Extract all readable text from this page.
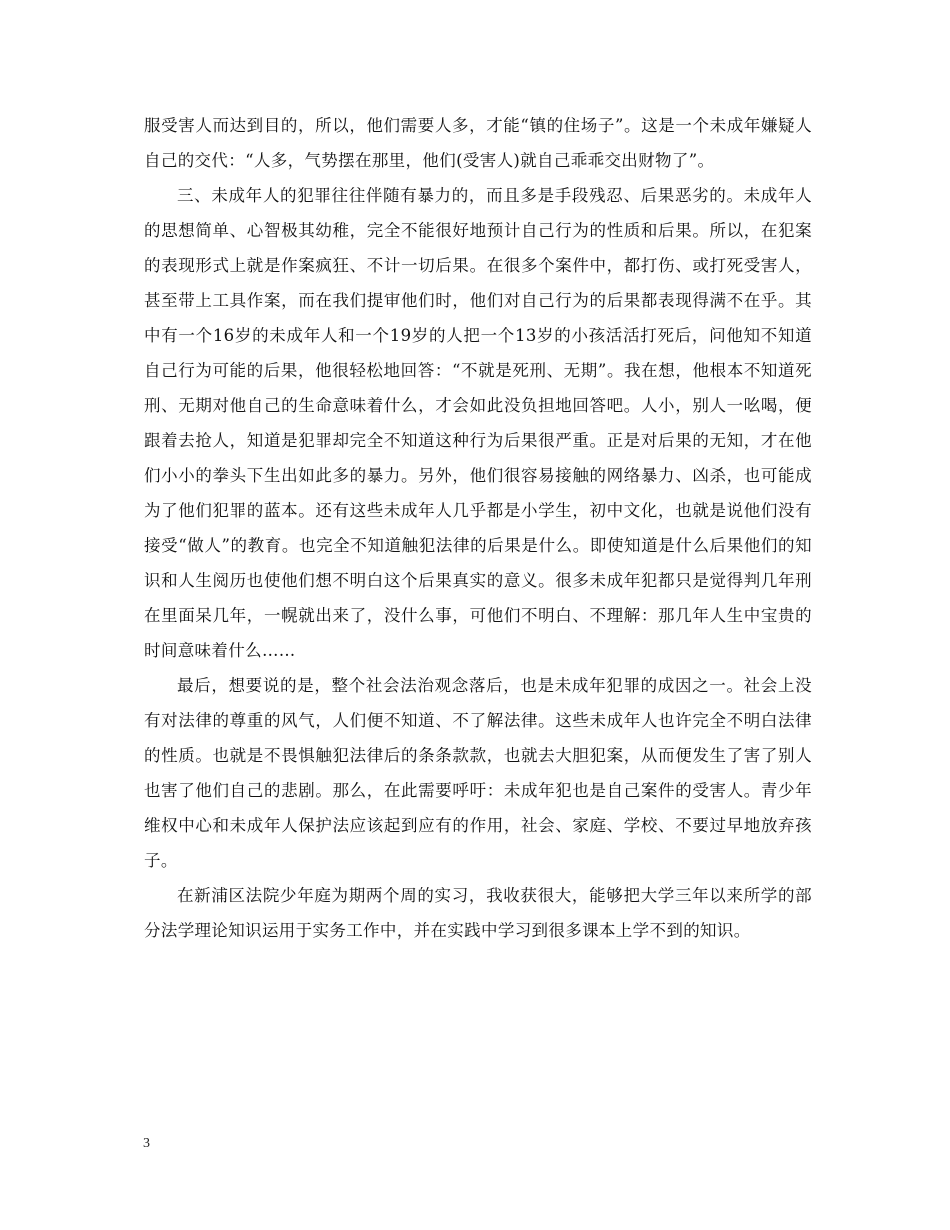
服受害人而达到目的，所以，他们需要人多，才能“镇的住场子”。这是一个未成年嫌疑人自己的交代：“人多，气势摆在那里，他们(受害人)就自己乖乖交出财物了”。

三、未成年人的犯罪往往伴随有暴力的，而且多是手段残忍、后果恶劣的。未成年人的思想简单、心智极其幼稚，完全不能很好地预计自己行为的性质和后果。所以，在犯案的表现形式上就是作案疯狂、不计一切后果。在很多个案件中，都打伤、或打死受害人，甚至带上工具作案，而在我们提审他们时，他们对自己行为的后果都表现得满不在乎。其中有一个16岁的未成年人和一个19岁的人把一个13岁的小孩活活打死后，问他知不知道自己行为可能的后果，他很轻松地回答：“不就是死刑、无期”。我在想，他根本不知道死刑、无期对他自己的生命意味着什么，才会如此没负担地回答吧。人小，别人一吆喝，便跟着去抢人，知道是犯罪却完全不知道这种行为后果很严重。正是对后果的无知，才在他们小小的拳头下生出如此多的暴力。另外，他们很容易接触的网络暴力、凶杀，也可能成为了他们犯罪的蓝本。还有这些未成年人几乎都是小学生，初中文化，也就是说他们没有接受“做人”的教育。也完全不知道触犯法律的后果是什么。即使知道是什么后果他们的知识和人生阅历也使他们想不明白这个后果真实的意义。很多未成年犯都只是觉得判几年刑在里面呆几年，一幌就出来了，没什么事，可他们不明白、不理解：那几年人生中宝贵的时间意味着什么……

最后，想要说的是，整个社会法治观念落后，也是未成年犯罪的成因之一。社会上没有对法律的尊重的风气，人们便不知道、不了解法律。这些未成年人也许完全不明白法律的性质。也就是不畏惧触犯法律后的条条款款，也就去大胆犯案，从而便发生了害了别人也害了他们自己的悲剧。那么，在此需要呼吁：未成年犯也是自己案件的受害人。青少年维权中心和未成年人保护法应该起到应有的作用，社会、家庭、学校、不要过早地放弃孩子。

在新浦区法院少年庭为期两个周的实习，我收获很大，能够把大学三年以来所学的部分法学理论知识运用于实务工作中，并在实践中学习到很多课本上学不到的知识。

3
